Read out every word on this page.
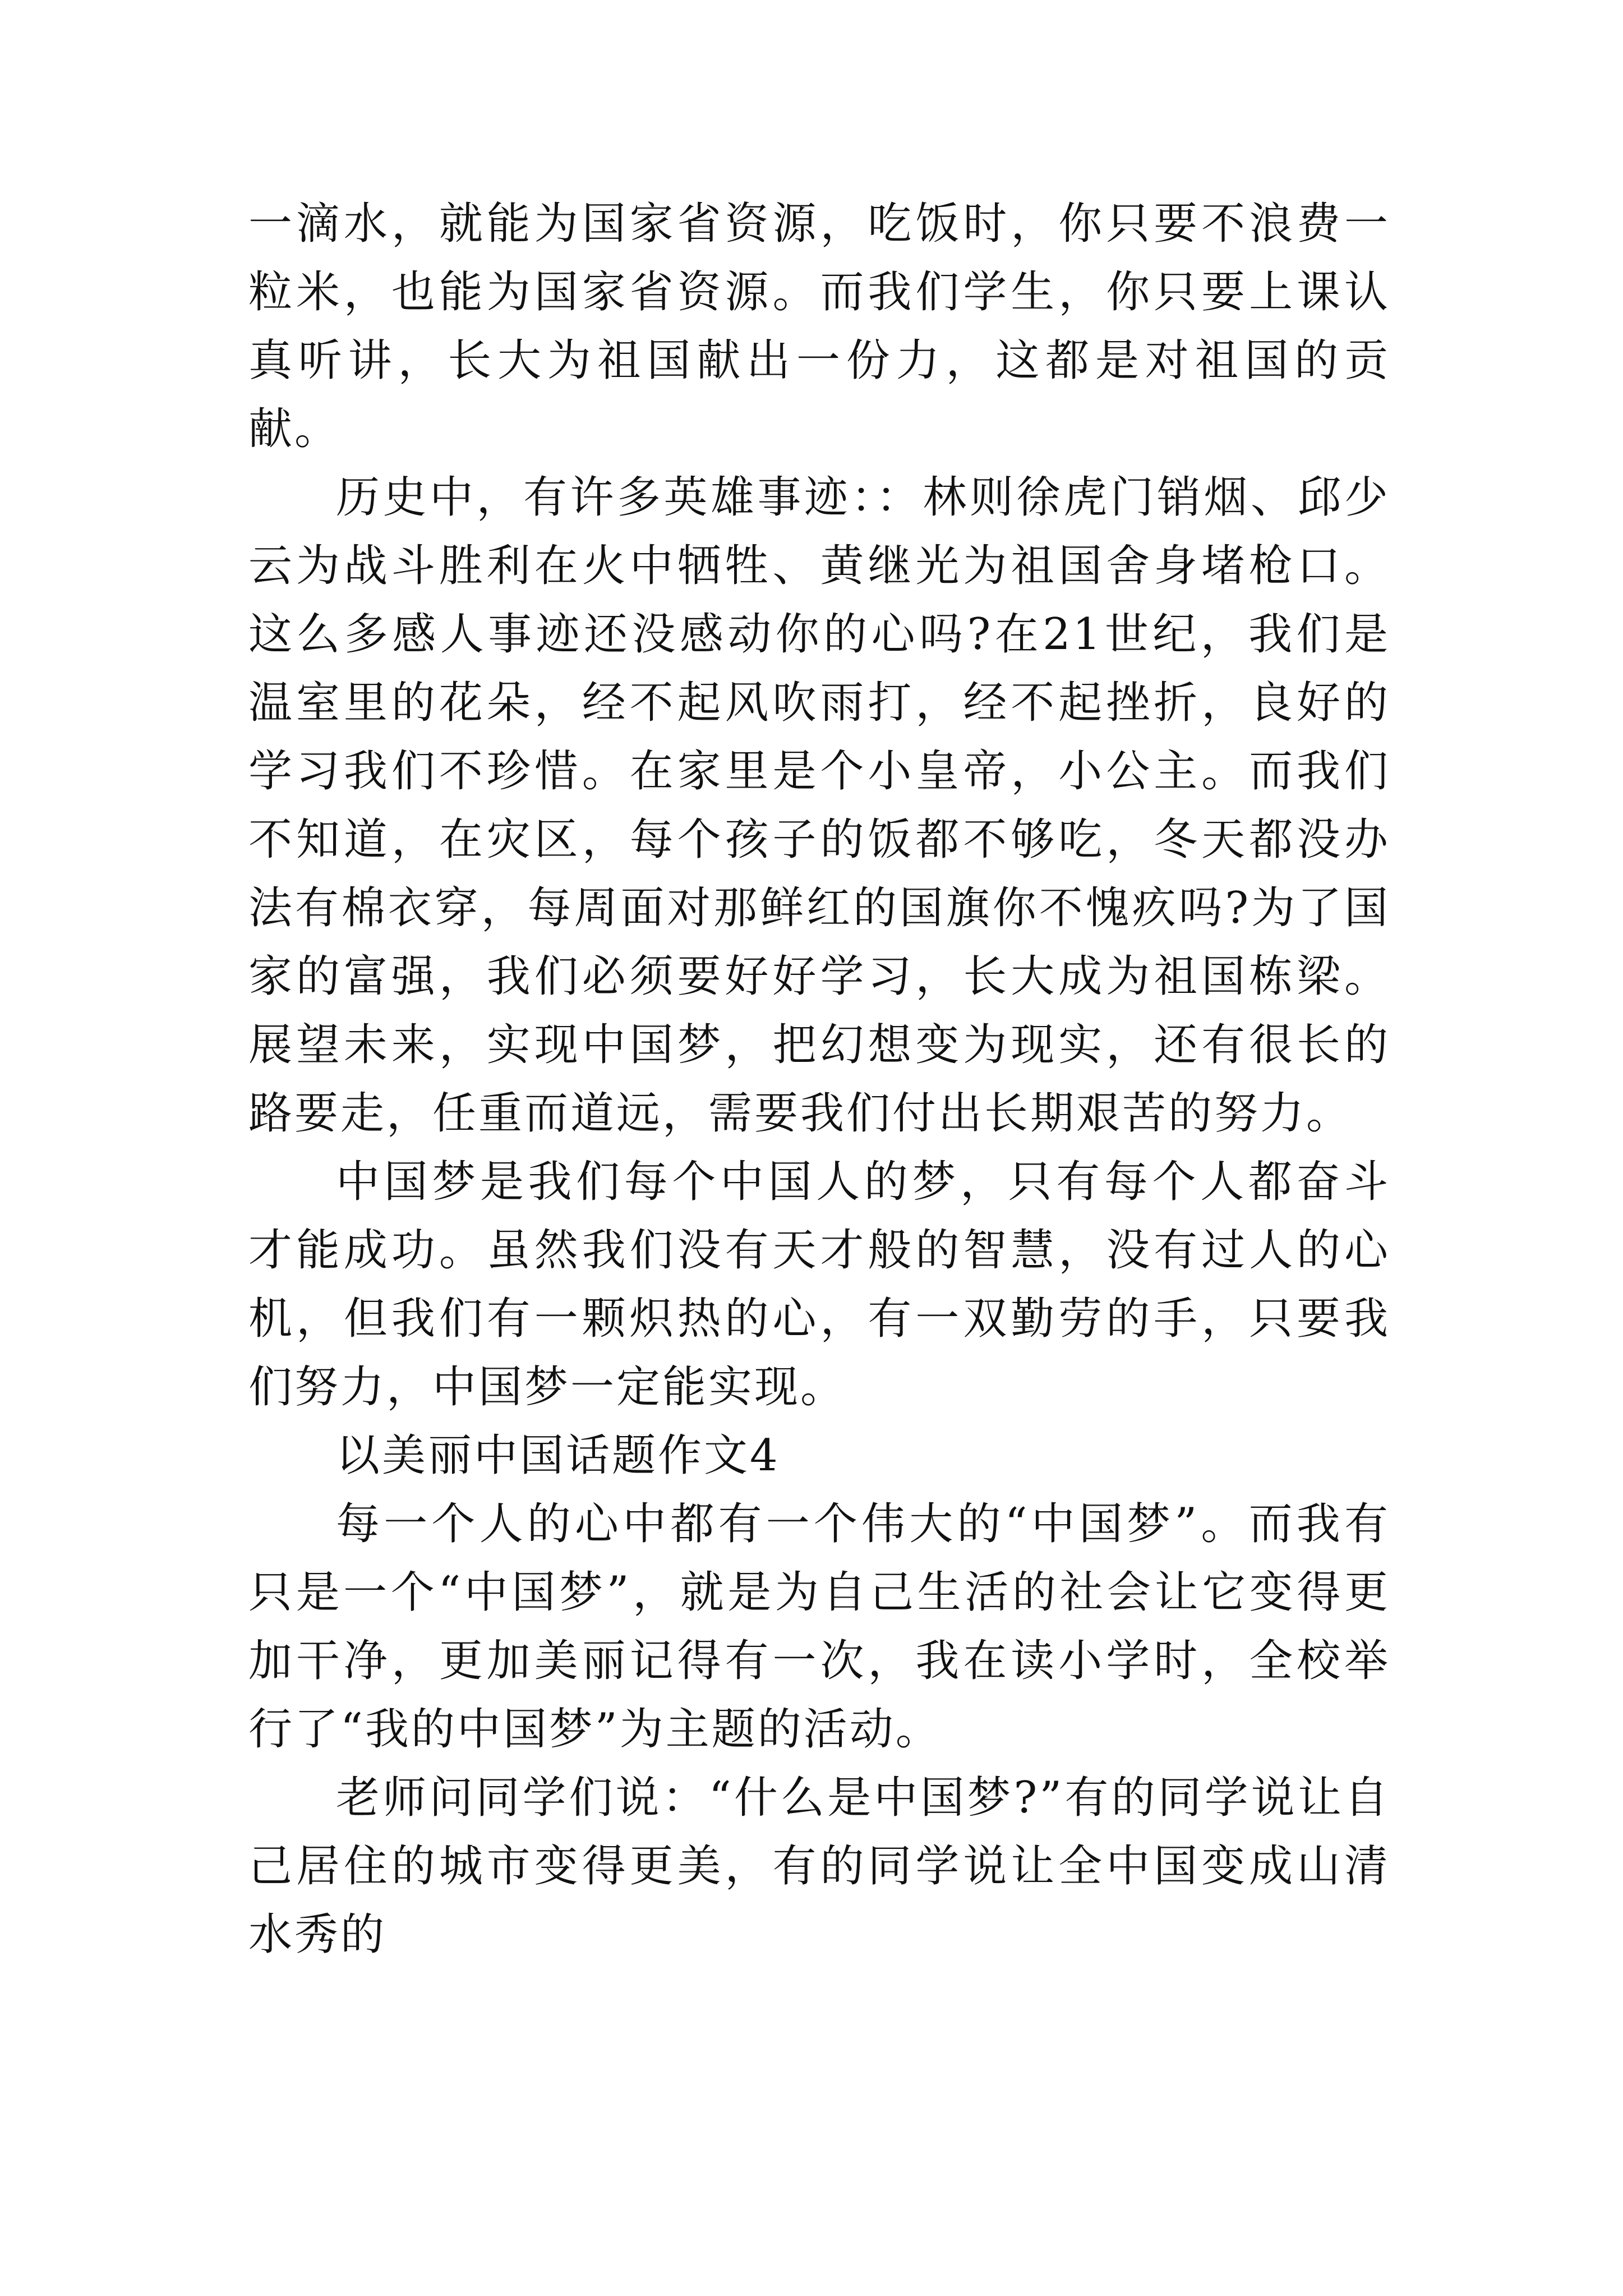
一滴水，就能为国家省资源，吃饭时，你只要不浪费一粒米，也能为国家省资源。而我们学生，你只要上课认真听讲，长大为祖国献出一份力，这都是对祖国的贡献。

历史中，有许多英雄事迹：：林则徐虎门销烟、邱少云为战斗胜利在火中牺牲、黄继光为祖国舍身堵枪口。这么多感人事迹还没感动你的心吗?在21世纪，我们是温室里的花朵，经不起风吹雨打，经不起挫折，良好的学习我们不珍惜。在家里是个小皇帝，小公主。而我们不知道，在灾区，每个孩子的饭都不够吃，冬天都没办法有棉衣穿，每周面对那鲜红的国旗你不愧疚吗?为了国家的富强，我们必须要好好学习，长大成为祖国栋梁。展望未来，实现中国梦，把幻想变为现实，还有很长的路要走，任重而道远，需要我们付出长期艰苦的努力。

中国梦是我们每个中国人的梦，只有每个人都奋斗才能成功。虽然我们没有天才般的智慧，没有过人的心机，但我们有一颗炽热的心，有一双勤劳的手，只要我们努力，中国梦一定能实现。

以美丽中国话题作文4

每一个人的心中都有一个伟大的“中国梦”。而我有只是一个“中国梦”，就是为自己生活的社会让它变得更加干净，更加美丽记得有一次，我在读小学时，全校举行了“我的中国梦”为主题的活动。

老师问同学们说：“什么是中国梦?”有的同学说让自己居住的城市变得更美，有的同学说让全中国变成山清水秀的
